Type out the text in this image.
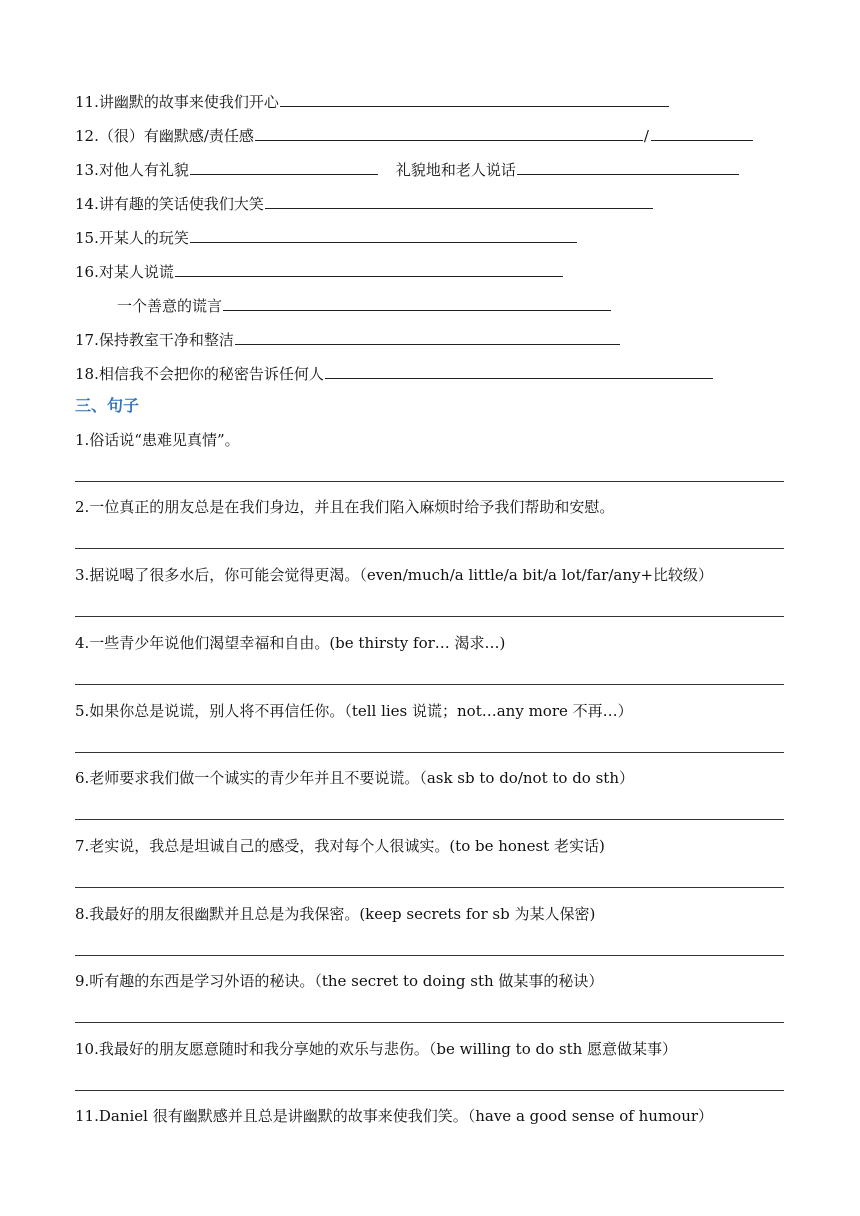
11.讲幽默的故事来使我们开心
12.（很）有幽默感/责任感	/
13.对他人有礼貌	礼貌地和老人说话
14.讲有趣的笑话使我们大笑
15.开某人的玩笑
16.对某人说谎
一个善意的谎言
17.保持教室干净和整洁
18.相信我不会把你的秘密告诉任何人
三、句子
1.俗话说“患难见真情”。
2.一位真正的朋友总是在我们身边，并且在我们陷入麻烦时给予我们帮助和安慰。
3.据说喝了很多水后，你可能会觉得更渴。（even/much/a little/a bit/a lot/far/any+比较级）
4.一些青少年说他们渴望幸福和自由。(be thirsty for… 渴求…)
5.如果你总是说谎，别人将不再信任你。（tell lies 说谎；not…any more 不再…）
6.老师要求我们做一个诚实的青少年并且不要说谎。（ask sb to do/not to do sth）
7.老实说，我总是坦诚自己的感受，我对每个人很诚实。(to be honest 老实话)
8.我最好的朋友很幽默并且总是为我保密。(keep secrets for sb 为某人保密)
9.听有趣的东西是学习外语的秘诀。（the secret to doing sth 做某事的秘诀）
10.我最好的朋友愿意随时和我分享她的欢乐与悲伤。（be willing to do sth 愿意做某事）
11.Daniel 很有幽默感并且总是讲幽默的故事来使我们笑。（have a good sense of humour）
